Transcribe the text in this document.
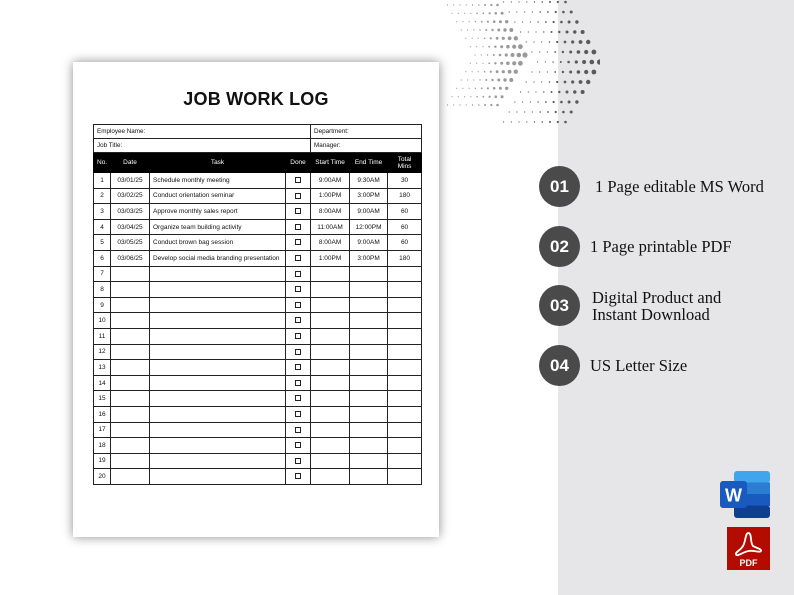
JOB WORK LOG
Employee Name:				Department:		
Job Title:				Manager:		
No.	Date	Task	Done	Start Time	End Time	Total Mins
1	03/01/25	Schedule monthly meeting		9:00AM	9:30AM	30
2	03/02/25	Conduct orientation seminar		1:00PM	3:00PM	180
3	03/03/25	Approve monthly sales report		8:00AM	9:00AM	60
4	03/04/25	Organize team building activity		11:00AM	12:00PM	60
5	03/05/25	Conduct brown bag session		8:00AM	9:00AM	60
6	03/06/25	Develop social media branding presentation		1:00PM	3:00PM	180
7						
8						
9						
10						
11						
12						
13						
14						
15						
16						
17						
18						
19						
20						
01	1 Page editable MS Word
02	1 Page printable PDF
03	Digital Product and
Instant Download
04	US Letter Size
W
PDF
